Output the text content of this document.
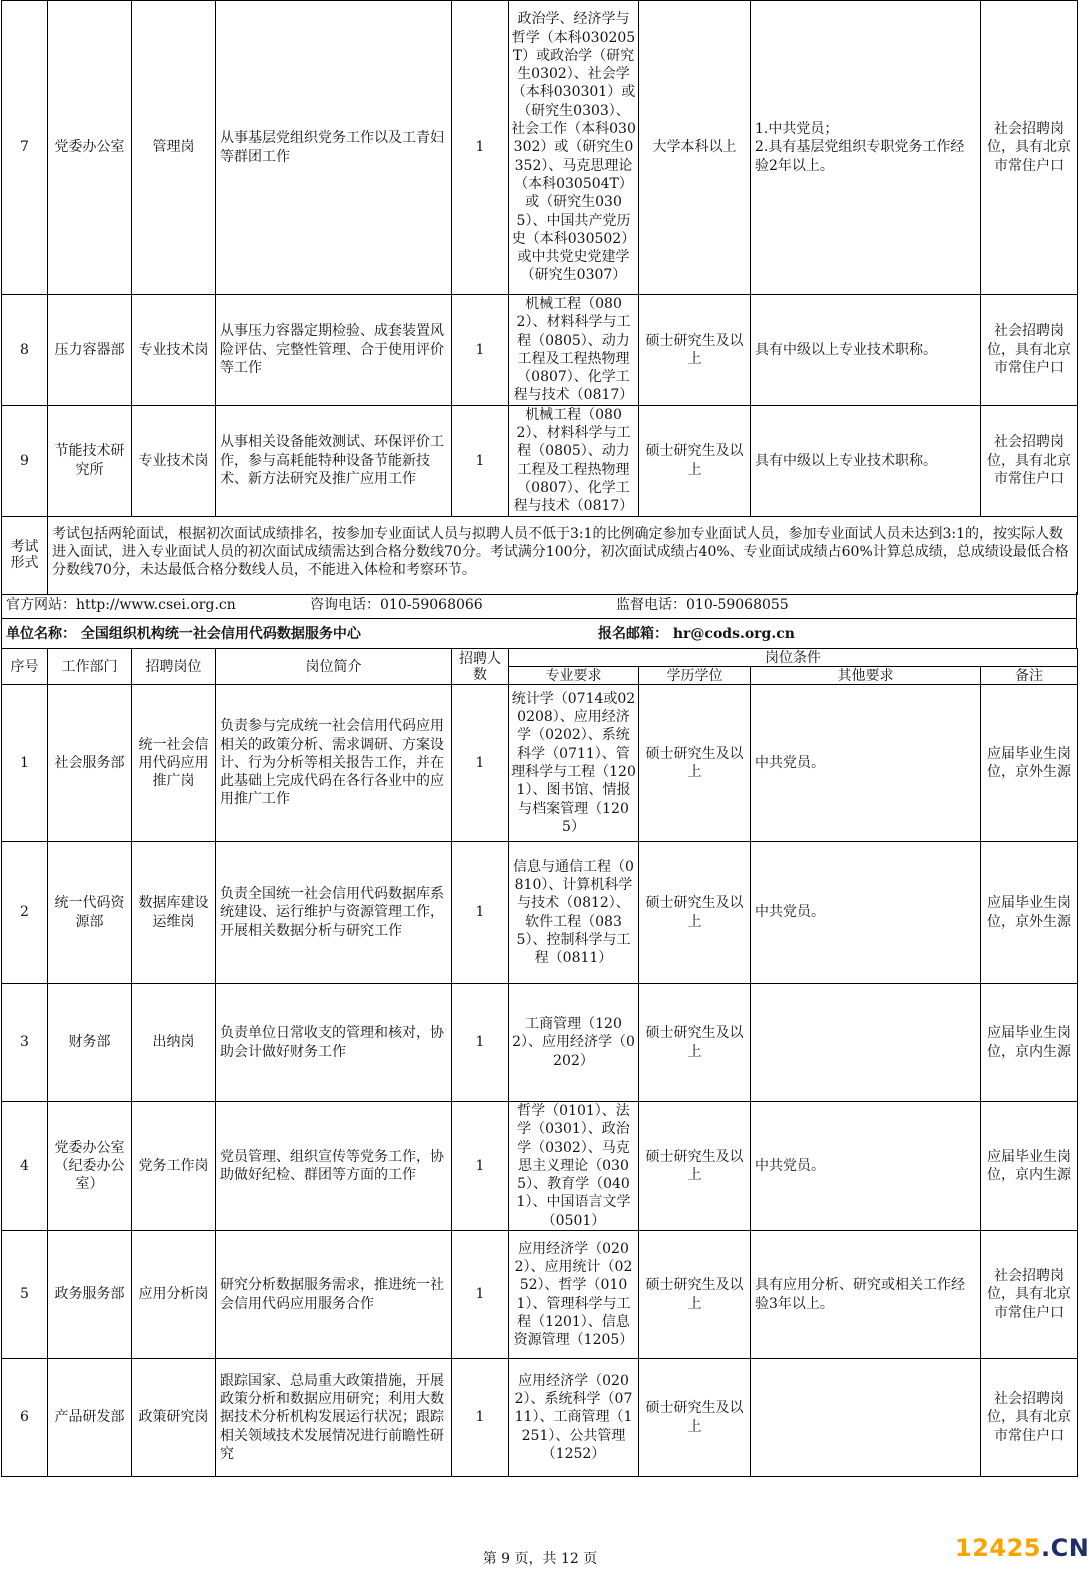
7	党委办公室	管理岗	从事基层党组织党务工作以及工青妇等群团工作	1	政治学、经济学与哲学（本科030205T）或政治学（研究生0302）、社会学（本科030301）或（研究生0303）、社会工作（本科030302）或（研究生0352）、马克思理论（本科030504T）或（研究生0305）、中国共产党历史（本科030502）或中共党史党建学（研究生0307）	大学本科以上	1.中共党员；
2.具有基层党组织专职党务工作经验2年以上。	社会招聘岗位，具有北京市常住户口
8	压力容器部	专业技术岗	从事压力容器定期检验、成套装置风险评估、完整性管理、合于使用评价等工作	1	机械工程（0802）、材料科学与工程（0805）、动力工程及工程热物理（0807）、化学工程与技术（0817）	硕士研究生及以上	具有中级以上专业技术职称。	社会招聘岗位，具有北京市常住户口
9	节能技术研究所	专业技术岗	从事相关设备能效测试、环保评价工作，参与高耗能特种设备节能新技术、新方法研究及推广应用工作	1	机械工程（0802）、材料科学与工程（0805）、动力工程及工程热物理（0807）、化学工程与技术（0817）	硕士研究生及以上	具有中级以上专业技术职称。	社会招聘岗位，具有北京市常住户口
考试形式	考试包括两轮面试，根据初次面试成绩排名，按参加专业面试人员与拟聘人员不低于3:1的比例确定参加专业面试人员，参加专业面试人员未达到3:1的，按实际人数进入面试，进入专业面试人员的初次面试成绩需达到合格分数线70分。考试满分100分，初次面试成绩占40%、专业面试成绩占60%计算总成绩，总成绩设最低合格分数线70分，未达最低合格分数线人员，不能进入体检和考察环节。							
官方网站：http://www.csei.org.cn	咨询电话：010-59068066	监督电话：010-59068055
单位名称： 全国组织机构统一社会信用代码数据服务中心	报名邮箱： hr@cods.org.cn
序号	工作部门	招聘岗位	岗位简介	招聘人数	岗位条件			
					专业要求	学历学位	其他要求	备注
1	社会服务部	统一社会信用代码应用推广岗	负责参与完成统一社会信用代码应用相关的政策分析、需求调研、方案设计、行为分析等相关报告工作，并在此基础上完成代码在各行各业中的应用推广工作	1	统计学（0714或020208）、应用经济学（0202）、系统科学（0711）、管理科学与工程（1201）、图书馆、情报与档案管理（1205）	硕士研究生及以上	中共党员。	应届毕业生岗位，京外生源
2	统一代码资源部	数据库建设运维岗	负责全国统一社会信用代码数据库系统建设、运行维护与资源管理工作，开展相关数据分析与研究工作	1	信息与通信工程（0810）、计算机科学与技术（0812）、软件工程（0835）、控制科学与工程（0811）	硕士研究生及以上	中共党员。	应届毕业生岗位，京外生源
3	财务部	出纳岗	负责单位日常收支的管理和核对，协助会计做好财务工作	1	工商管理（1202）、应用经济学（0202）	硕士研究生及以上		应届毕业生岗位，京内生源
4	党委办公室（纪委办公室）	党务工作岗	党员管理、组织宣传等党务工作，协助做好纪检、群团等方面的工作	1	哲学（0101）、法学（0301）、政治学（0302）、马克思主义理论（0305）、教育学（0401）、中国语言文学（0501）	硕士研究生及以上	中共党员。	应届毕业生岗位，京内生源
5	政务服务部	应用分析岗	研究分析数据服务需求，推进统一社会信用代码应用服务合作	1	应用经济学（0202）、应用统计（0252）、哲学（0101）、管理科学与工程（1201）、信息资源管理（1205）	硕士研究生及以上	具有应用分析、研究或相关工作经验3年以上。	社会招聘岗位，具有北京市常住户口
6	产品研发部	政策研究岗	跟踪国家、总局重大政策措施，开展政策分析和数据应用研究；利用大数据技术分析机构发展运行状况；跟踪相关领域技术发展情况进行前瞻性研究	1	应用经济学（0202）、系统科学（0711）、工商管理（1251）、公共管理（1252）	硕士研究生及以上		社会招聘岗位，具有北京市常住户口
第 9 页，共 12 页	12425.CN
